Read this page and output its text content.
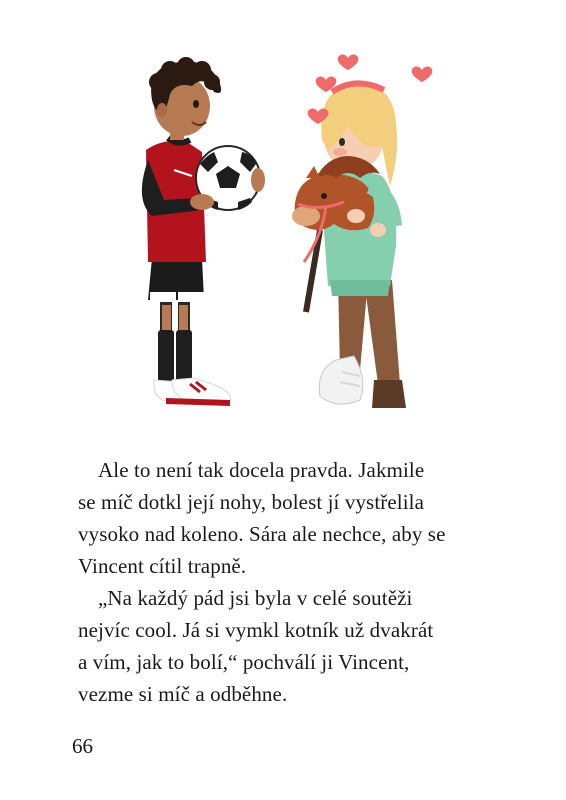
Ale to není tak docela pravda. Jakmile
se míč dotkl její nohy, bolest jí vystřelila
vysoko nad koleno. Sára ale nechce, aby se
Vincent cítil trapně.

„Na každý pád jsi byla v celé soutěži
nejvíc cool. Já si vymkl kotník už dvakrát
a vím, jak to bolí,“ pochválí ji Vincent,
vezme si míč a odběhne.

66
